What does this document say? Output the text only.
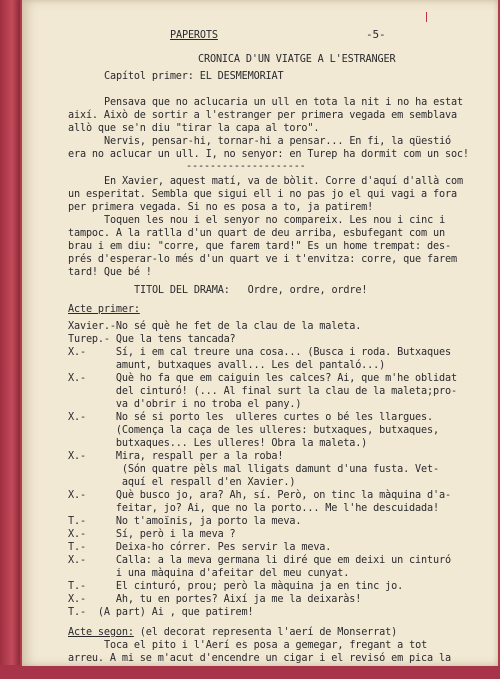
PAPEROTS	-5-
CRONICA D'UN VIATGE A L'ESTRANGER
Capítol primer: EL DESMEMORIAT
Pensava que no aclucaria un ull en tota la nit i no ha estat
així. Això de sortir a l'estranger per primera vegada em semblava
allò que se'n diu "tirar la capa al toro".
Nervis, pensar-hi, tornar-hi a pensar... En fi, la qüestió
era no aclucar un ull. I, no senyor: en Turep ha dormit com un soc!
--------------------
En Xavier, aquest matí, va de bòlit. Corre d'aquí d'allà com
un esperitat. Sembla que sigui ell i no pas jo el qui vagi a fora
per primera vegada. Si no es posa a to, ja patirem!
Toquen les nou i el senyor no compareix. Les nou i cinc i
tampoc. A la ratlla d'un quart de deu arriba, esbufegant com un
brau i em diu: "corre, que farem tard!" Es un home trempat: des-
prés d'esperar-lo més d'un quart ve i t'envitza: corre, que farem
tard! Que bé !
TITOL DEL DRAMA:   Ordre, ordre, ordre!
Acte primer:
Xavier.-No sé què he fet de la clau de la maleta.
Turep.- Que la tens tancada?
X.-     Sí, i em cal treure una cosa... (Busca i roda. Butxaques
amunt, butxaques avall... Les del pantaló...)
X.-     Què ho fa que em caiguin les calces? Ai, que m'he oblidat
del cinturó! (... Al final surt la clau de la maleta;pro-
va d'obrir i no troba el pany.)
X.-     No sé si porto les  ulleres curtes o bé les llargues.
(Comença la caça de les ulleres: butxaques, butxaques,
butxaques... Les ulleres! Obra la maleta.)
X.-     Mira, respall per a la roba!
(Són quatre pèls mal lligats damunt d'una fusta. Vet-
aquí el respall d'en Xavier.)
X.-     Què busco jo, ara? Ah, sí. Però, on tinc la màquina d'a-
feitar, jo? Ai, que no la porto... Me l'he descuidada!
T.-     No t'amoïnis, ja porto la meva.
X.-     Sí, però i la meva ?
T.-     Deixa-ho córrer. Pes servir la meva.
X.-     Calla: a la meva germana li diré que em deixi un cinturó
i una màquina d'afeitar del meu cunyat.
T.-     El cinturó, prou; però la màquina ja en tinc jo.
X.-     Ah, tu en portes? Així ja me la deixaràs!
T.-  (A part) Ai , que patirem!
Acte segon: (el decorat representa l'aerí de Monserrat)
Toca el pito i l'Aerí es posa a gemegar, fregant a tot
arreu. A mi se m'acut d'encendre un cigar i el revisó em pica la
